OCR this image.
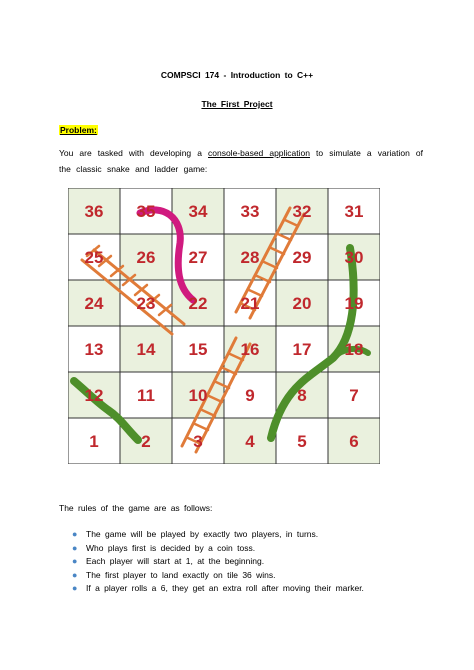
COMPSCI 174 - Introduction to C++
The First Project
Problem:
You are tasked with developing a console-based application to simulate a variation of the classic snake and ladder game:
36 35 34 33 32 31
25 26 27 28 29 30
24 23 22 21 20 19
13 14 15 16 17 18
12 11 10 9	8	7
1	2	3	4	5	6
The rules of the game are as follows:
● The game will be played by exactly two players, in turns.
● Who plays first is decided by a coin toss.
● Each player will start at 1, at the beginning.
● The first player to land exactly on tile 36 wins.
● If a player rolls a 6, they get an extra roll after moving their marker.
